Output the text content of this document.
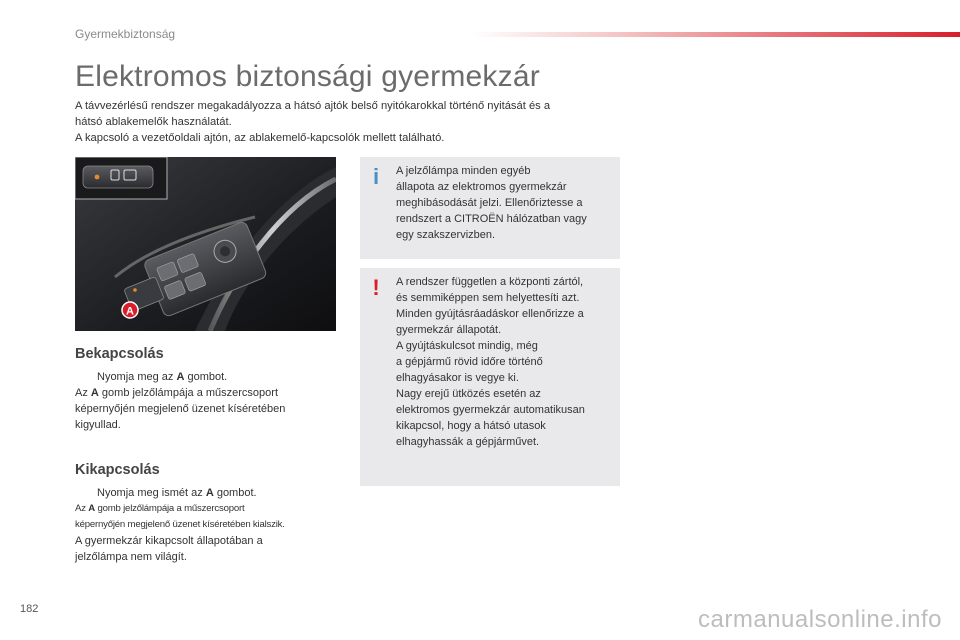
Gyermekbiztonság
Elektromos biztonsági gyermekzár

A távvezérlésű rendszer megakadályozza a hátsó ajtók belső nyitókarokkal történő nyitását és a

hátsó ablakemelők használatát.

A kapcsoló a vezetőoldali ajtón, az ablakemelő-kapcsolók mellett található.

A
Bekapcsolás

Nyomja meg az A gombot.

Az A gomb jelzőlámpája a műszercsoport

képernyőjén megjelenő üzenet kíséretében

kigyullad.

Kikapcsolás

Nyomja meg ismét az A gombot.

Az A gomb jelzőlámpája a műszercsoport

képernyőjén megjelenő üzenet kíséretében kialszik.

A gyermekzár kikapcsolt állapotában a

jelzőlámpa nem világít.

i	A jelzőlámpa minden egyéb

állapota az elektromos gyermekzár

meghibásodását jelzi. Ellenőriztesse a

rendszert a CITROËN hálózatban vagy

egy szakszervizben.

!	A rendszer független a központi zártól,

és semmiképpen sem helyettesíti azt.

Minden gyújtásráadáskor ellenőrizze a

gyermekzár állapotát.

A gyújtáskulcsot mindig, még

a gépjármű rövid időre történő

elhagyásakor is vegye ki.

Nagy erejű ütközés esetén az

elektromos gyermekzár automatikusan

kikapcsol, hogy a hátsó utasok

elhagyhassák a gépjárművet.

182	carmanualsonline.info
